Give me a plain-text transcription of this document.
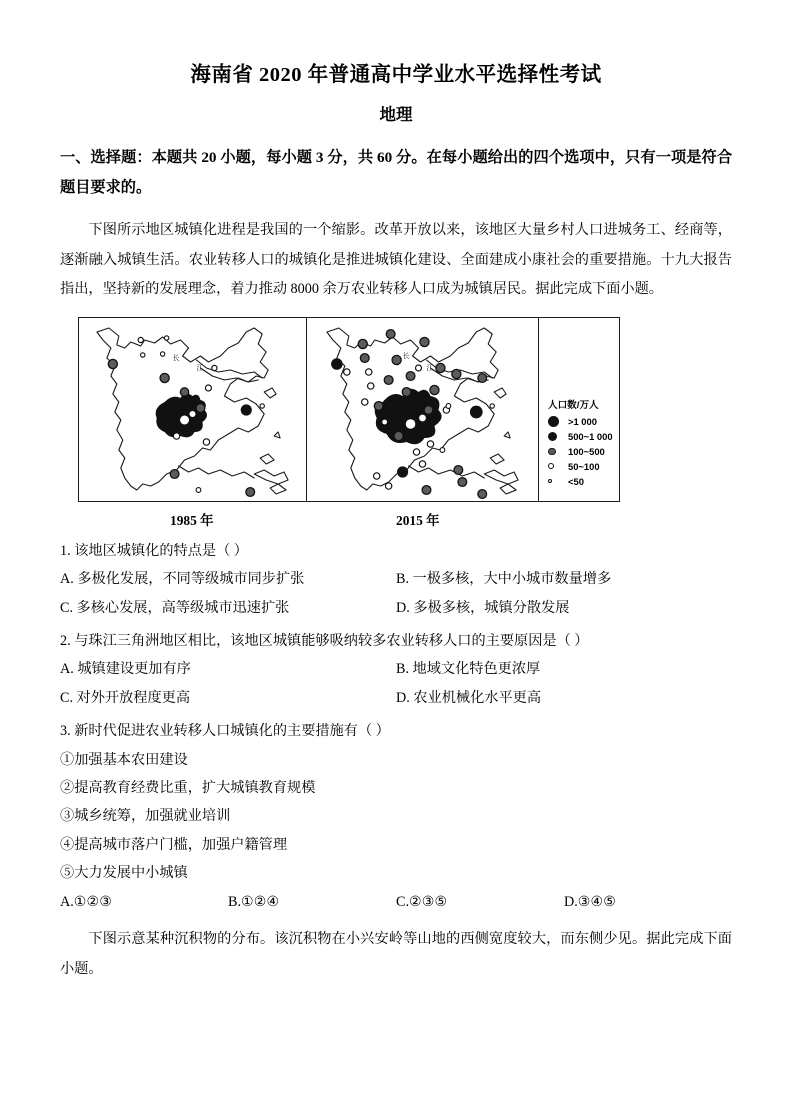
海南省 2020 年普通高中学业水平选择性考试
地理

一、选择题：本题共 20 小题，每小题 3 分，共 60 分。在每小题给出的四个选项中，只有一项是符合题目要求的。

下图所示地区城镇化进程是我国的一个缩影。改革开放以来，该地区大量乡村人口进城务工、经商等，逐渐融入城镇生活。农业转移人口的城镇化是推进城镇化建设、全面建成小康社会的重要措施。十九大报告指出，坚持新的发展理念，着力推动 8000 余万农业转移人口成为城镇居民。据此完成下面小题。

长
江
长
江
人口数/万人
>1 000
500~1 000
100~500
50~100
<50
1985 年	2015 年

1. 该地区城镇化的特点是（ ）

A. 多极化发展，不同等级城市同步扩张	B. 一极多核，大中小城市数量增多
C. 多核心发展，高等级城市迅速扩张	D. 多极多核，城镇分散发展

2. 与珠江三角洲地区相比，该地区城镇能够吸纳较多农业转移人口的主要原因是（ ）

A. 城镇建设更加有序	B. 地域文化特色更浓厚
C. 对外开放程度更高	D. 农业机械化水平更高

3. 新时代促进农业转移人口城镇化的主要措施有（ ）

①加强基本农田建设

②提高教育经费比重，扩大城镇教育规模

③城乡统筹，加强就业培训

④提高城市落户门槛，加强户籍管理

⑤大力发展中小城镇

A.①②③	B.①②④	C.②③⑤	D.③④⑤

下图示意某种沉积物的分布。该沉积物在小兴安岭等山地的西侧宽度较大，而东侧少见。据此完成下面小题。
